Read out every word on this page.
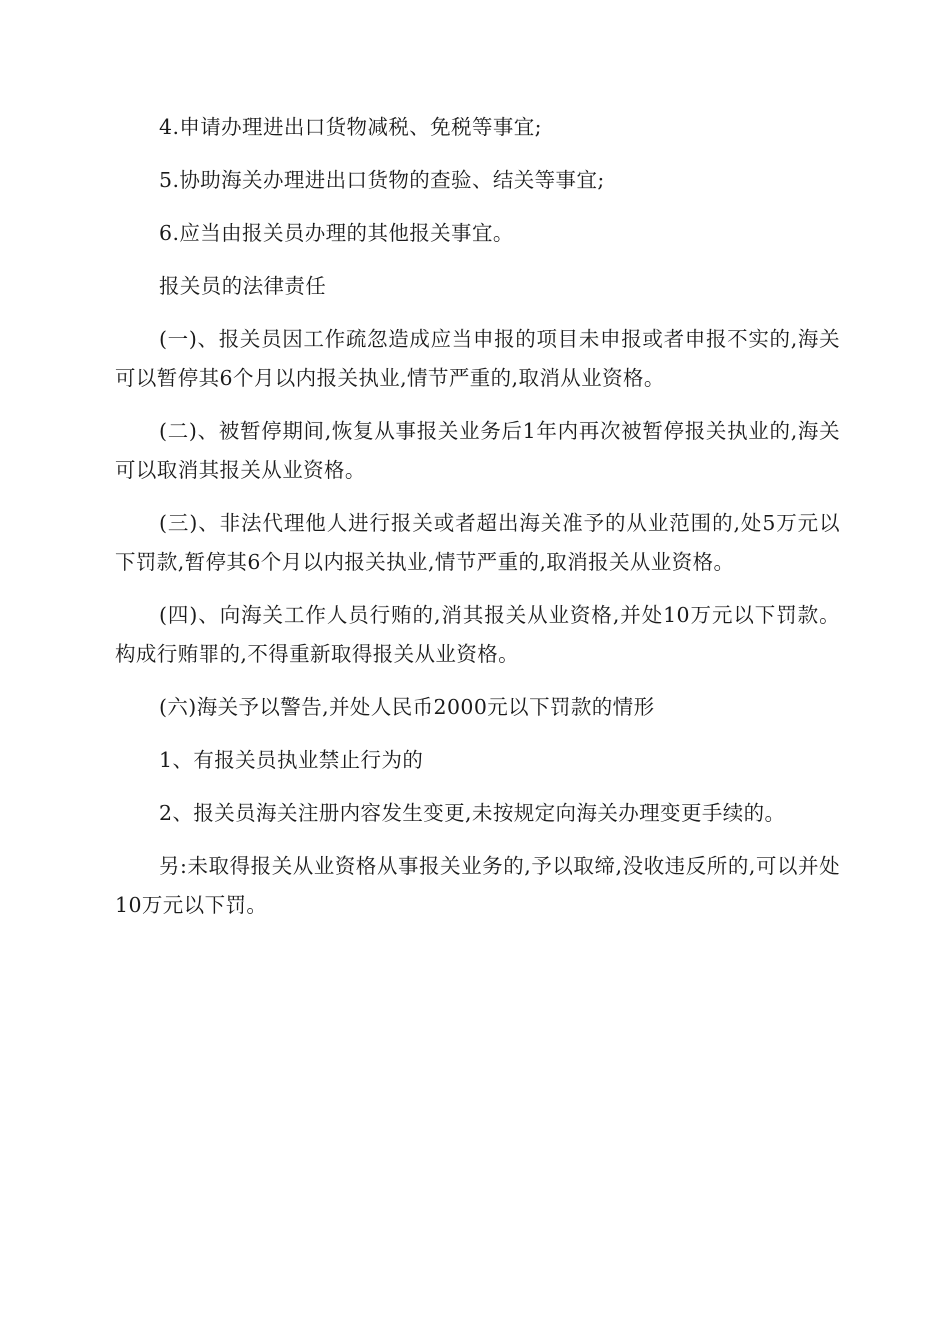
4.申请办理进出口货物减税、免税等事宜;

5.协助海关办理进出口货物的查验、结关等事宜;

6.应当由报关员办理的其他报关事宜。

报关员的法律责任

(一)、报关员因工作疏忽造成应当申报的项目未申报或者申报不实的,海关可以暂停其6个月以内报关执业,情节严重的,取消从业资格。

(二)、被暂停期间,恢复从事报关业务后1年内再次被暂停报关执业的,海关可以取消其报关从业资格。

(三)、非法代理他人进行报关或者超出海关准予的从业范围的,处5万元以下罚款,暂停其6个月以内报关执业,情节严重的,取消报关从业资格。

(四)、向海关工作人员行贿的,消其报关从业资格,并处10万元以下罚款。构成行贿罪的,不得重新取得报关从业资格。

(六)海关予以警告,并处人民币2000元以下罚款的情形

1、有报关员执业禁止行为的

2、报关员海关注册内容发生变更,未按规定向海关办理变更手续的。

另:未取得报关从业资格从事报关业务的,予以取缔,没收违反所的,可以并处10万元以下罚。
